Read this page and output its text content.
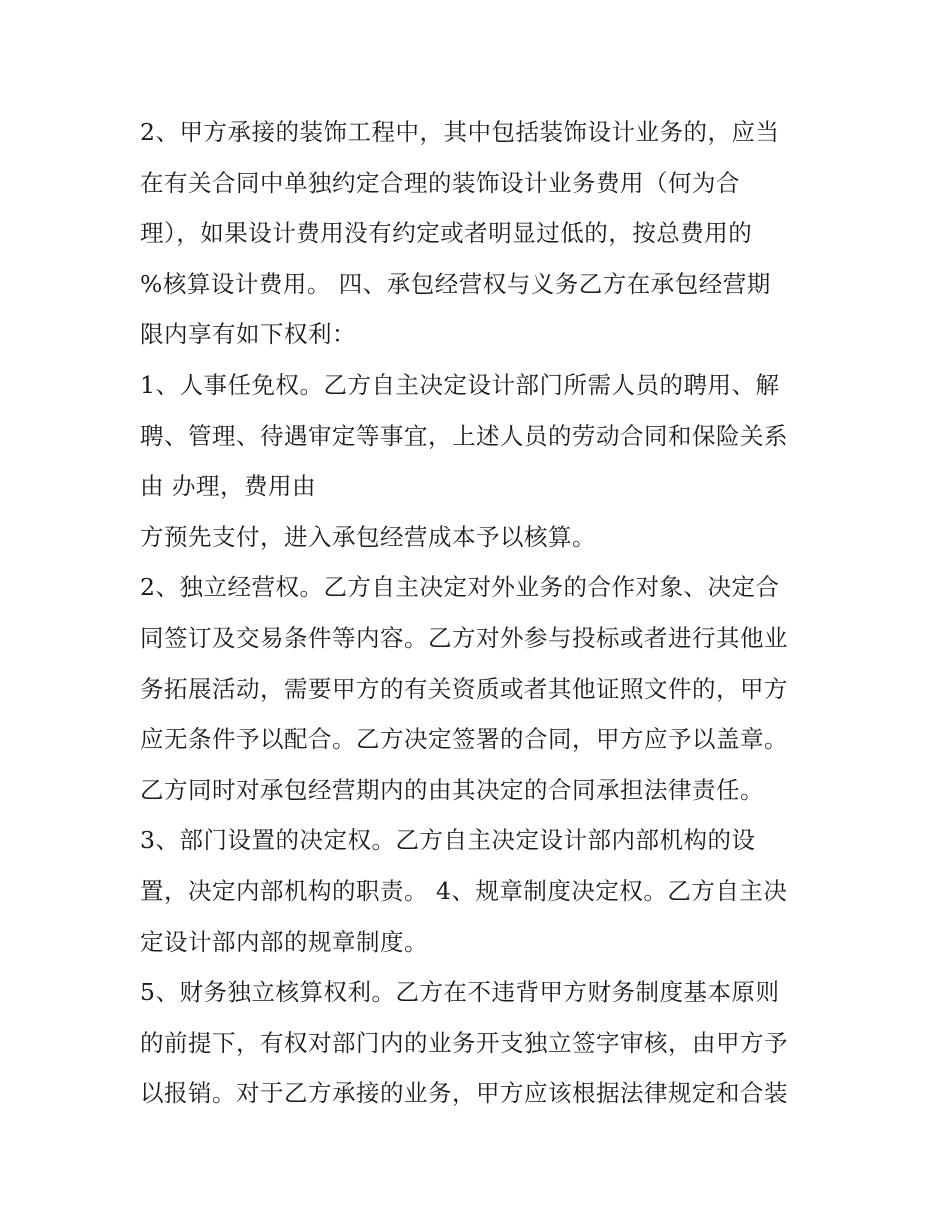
2、甲方承接的装饰工程中，其中包括装饰设计业务的，应当
在有关合同中单独约定合理的装饰设计业务费用（何为合
理），如果设计费用没有约定或者明显过低的，按总费用的
%核算设计费用。 四、承包经营权与义务乙方在承包经营期
限内享有如下权利：
1、人事任免权。乙方自主决定设计部门所需人员的聘用、解
聘、管理、待遇审定等事宜，上述人员的劳动合同和保险关系
由 办理，费用由
方预先支付，进入承包经营成本予以核算。
2、独立经营权。乙方自主决定对外业务的合作对象、决定合
同签订及交易条件等内容。乙方对外参与投标或者进行其他业
务拓展活动，需要甲方的有关资质或者其他证照文件的，甲方
应无条件予以配合。乙方决定签署的合同，甲方应予以盖章。
乙方同时对承包经营期内的由其决定的合同承担法律责任。
3、部门设置的决定权。乙方自主决定设计部内部机构的设
置，决定内部机构的职责。 4、规章制度决定权。乙方自主决
定设计部内部的规章制度。
5、财务独立核算权利。乙方在不违背甲方财务制度基本原则
的前提下，有权对部门内的业务开支独立签字审核，由甲方予
以报销。对于乙方承接的业务，甲方应该根据法律规定和合装
